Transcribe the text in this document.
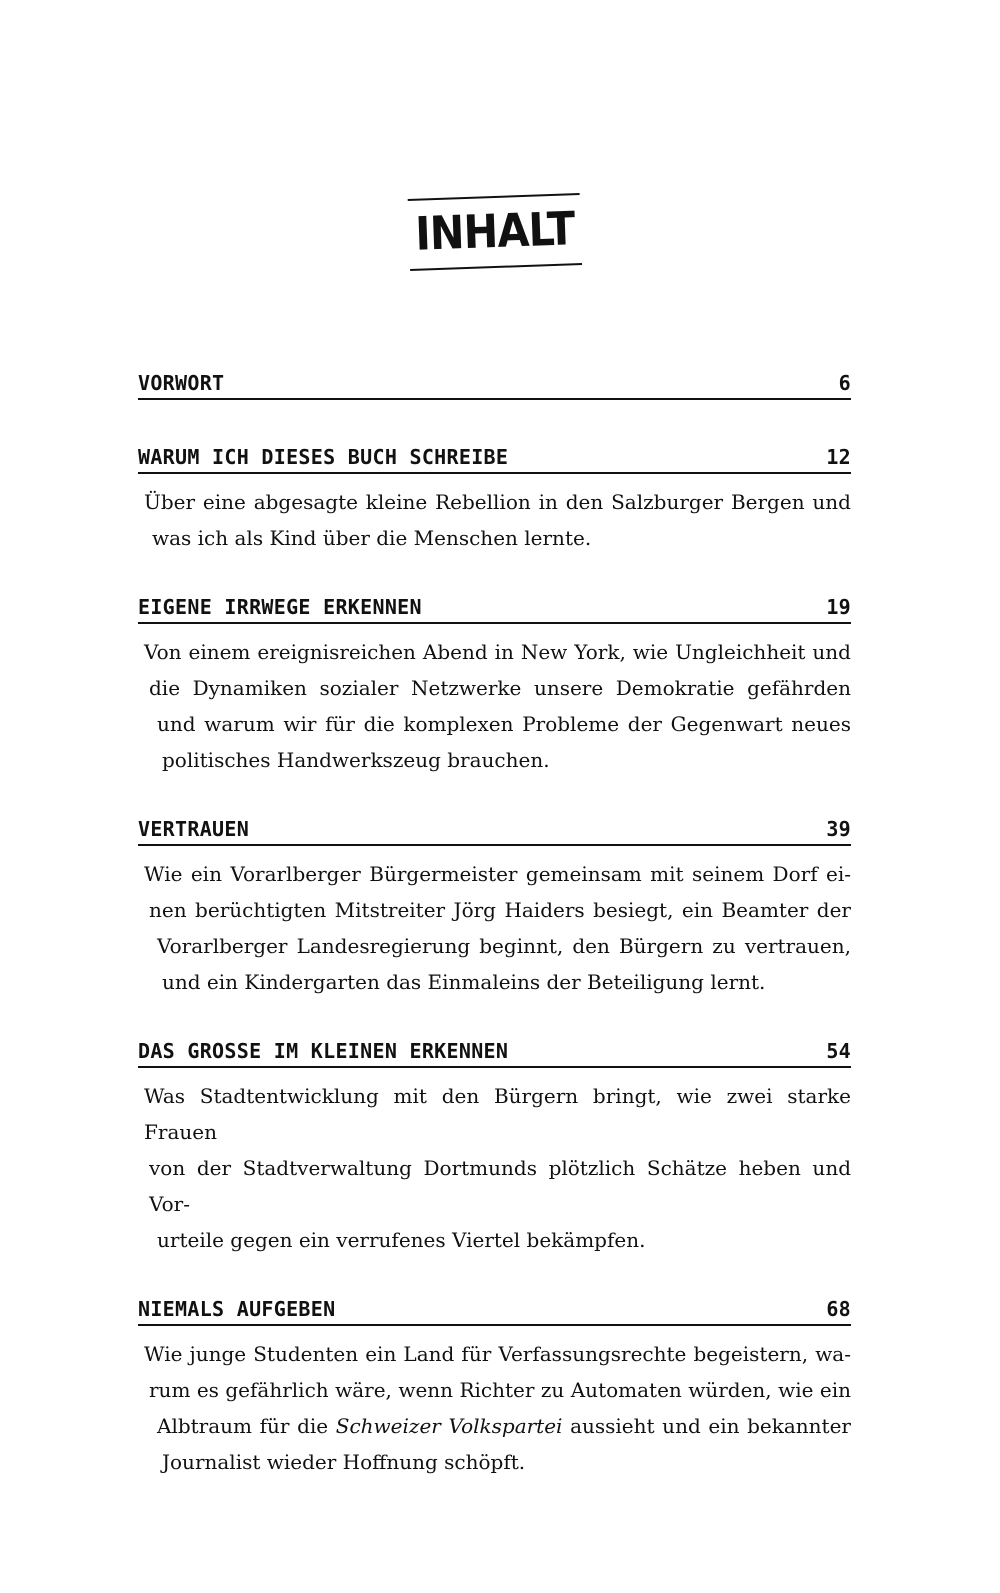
INHALT
VORWORT	6
WARUM ICH DIESES BUCH SCHREIBE	12
Über eine abgesagte kleine Rebellion in den Salzburger Bergen und
was ich als Kind über die Menschen lernte.
EIGENE IRRWEGE ERKENNEN	19
Von einem ereignisreichen Abend in New York, wie Ungleichheit und
die Dynamiken sozialer Netzwerke unsere Demokratie gefährden
und warum wir für die komplexen Probleme der Gegenwart neues
politisches Handwerkszeug brauchen.
VERTRAUEN	39
Wie ein Vorarlberger Bürgermeister gemeinsam mit seinem Dorf ei-
nen berüchtigten Mitstreiter Jörg Haiders besiegt, ein Beamter der
Vorarlberger Landesregierung beginnt, den Bürgern zu vertrauen,
und ein Kindergarten das Einmaleins der Beteiligung lernt.
DAS GROSSE IM KLEINEN ERKENNEN	54
Was Stadtentwicklung mit den Bürgern bringt, wie zwei starke Frauen
von der Stadtverwaltung Dortmunds plötzlich Schätze heben und Vor-
urteile gegen ein verrufenes Viertel bekämpfen.
NIEMALS AUFGEBEN	68
Wie junge Studenten ein Land für Verfassungsrechte begeistern, wa-
rum es gefährlich wäre, wenn Richter zu Automaten würden, wie ein
Albtraum für die Schweizer Volkspartei aussieht und ein bekannter
Journalist wieder Hoffnung schöpft.
